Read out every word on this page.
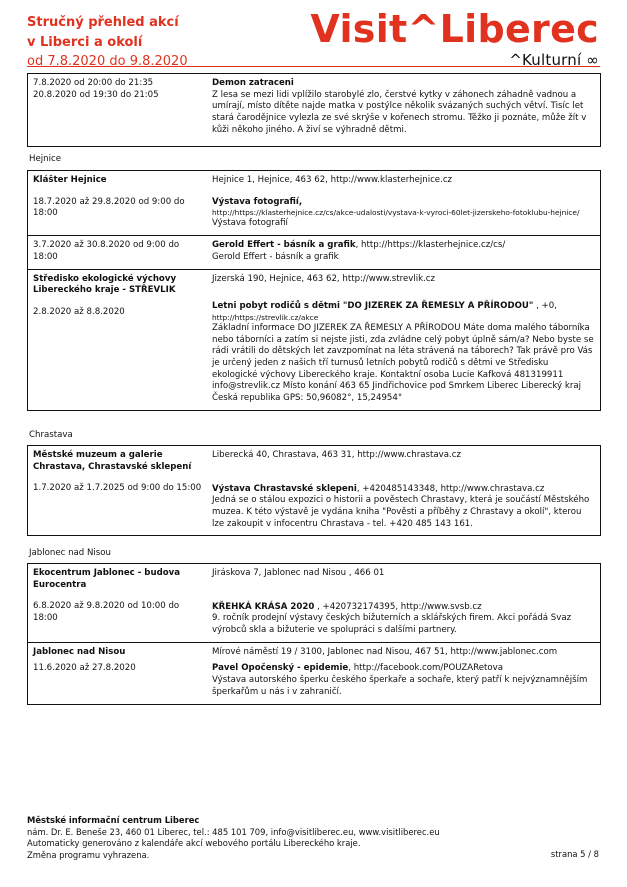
Stručný přehled akcí
v Liberci a okolí
od 7.8.2020 do 9.8.2020
Visit^Liberec
^Kulturní ∞
7.8.2020 od 20:00 do 21:35
20.8.2020 od 19:30 do 21:05
Demon zatraceni
Z lesa se mezi lidi vplížilo starobylé zlo, čerstvé kytky v záhonech záhadně vadnou a umírají, místo dítěte najde matka v postýlce několik svázaných suchých větví. Tisíc let stará čarodějnice vylezla ze své skrýše v kořenech stromu. Těžko ji poznáte, může žít v kůži někoho jiného. A živí se výhradně dětmi.
Hejnice
Klášter Hejnice
18.7.2020 až 29.8.2020 od 9:00 do 18:00
Hejnice 1, Hejnice, 463 62, http://www.klasterhejnice.cz
Výstava fotografií,
http://https://klasterhejnice.cz/cs/akce-udalosti/vystava-k-vyroci-60let-jizerskeho-fotoklubu-hejnice/
Výstava fotografií
3.7.2020 až 30.8.2020 od 9:00 do 18:00
Gerold Effert - básník a grafik, http://https://klasterhejnice.cz/cs/
Gerold Effert - básník a grafik
Středisko ekologické výchovy Libereckého kraje - STŘEVLIK
2.8.2020 až 8.8.2020
Jizerská 190, Hejnice, 463 62, http://www.strevlik.cz
Letni pobyt rodičů s dětmi "DO JIZEREK ZA ŘEMESLY A PŘÍRODOU" , +0,
http://https://strevlik.cz/akce
Základní informace DO JIZEREK ZA ŘEMESLY A PŘÍRODOU Máte doma malého táborníka nebo táborníci a zatím si nejste jisti, zda zvládne celý pobyt úplně sám/a? Nebo byste se rádi vrátili do dětských let zavzpomínat na léta strávená na táborech? Tak právě pro Vás je určený jeden z našich tří turnusů letních pobytů rodičů s dětmi ve Středisku ekologické výchovy Libereckého kraje. Kontaktní osoba Lucie Kafková 481319911 info@strevlik.cz Místo konání 463 65 Jindřichovice pod Smrkem Liberec Liberecký kraj Česká republika GPS: 50,96082°, 15,24954°
Chrastava
Městské muzeum a galerie Chrastava, Chrastavské sklepení
1.7.2020 až 1.7.2025 od 9:00 do 15:00
Liberecká 40, Chrastava, 463 31, http://www.chrastava.cz
Výstava Chrastavské sklepeni, +420485143348, http://www.chrastava.cz
Jedná se o stálou expozici o historii a pověstech Chrastavy, která je součástí Městského muzea. K této výstavě je vydána kniha "Pověsti a příběhy z Chrastavy a okolí", kterou lze zakoupit v infocentru Chrastava - tel. +420 485 143 161.
Jablonec nad Nisou
Ekocentrum Jablonec - budova Eurocentra
6.8.2020 až 9.8.2020 od 10:00 do 18:00
Jiráskova 7, Jablonec nad Nisou , 466 01
KŘEHKÁ KRÁSA 2020 , +420732174395, http://www.svsb.cz
9. ročník prodejní výstavy českých bižuterních a sklářských firem. Akci pořádá Svaz výrobců skla a bižuterie ve spolupráci s dalšími partnery.
Jablonec nad Nisou
11.6.2020 až 27.8.2020
Mírové náměstí 19 / 3100, Jablonec nad Nisou, 467 51, http://www.jablonec.com
Pavel Opočenský - epidemie, http://facebook.com/POUZARetova
Výstava autorského šperku českého šperkaře a sochaře, který patří k nejvýznamnějším šperkařům u nás i v zahraničí.
Městské informační centrum Liberec
nám. Dr. E. Beneše 23, 460 01 Liberec, tel.: 485 101 709, info@visitliberec.eu, www.visitliberec.eu
Automaticky generováno z kalendáře akcí webového portálu Libereckého kraje.
Změna programu vyhrazena.	strana 5 / 8
